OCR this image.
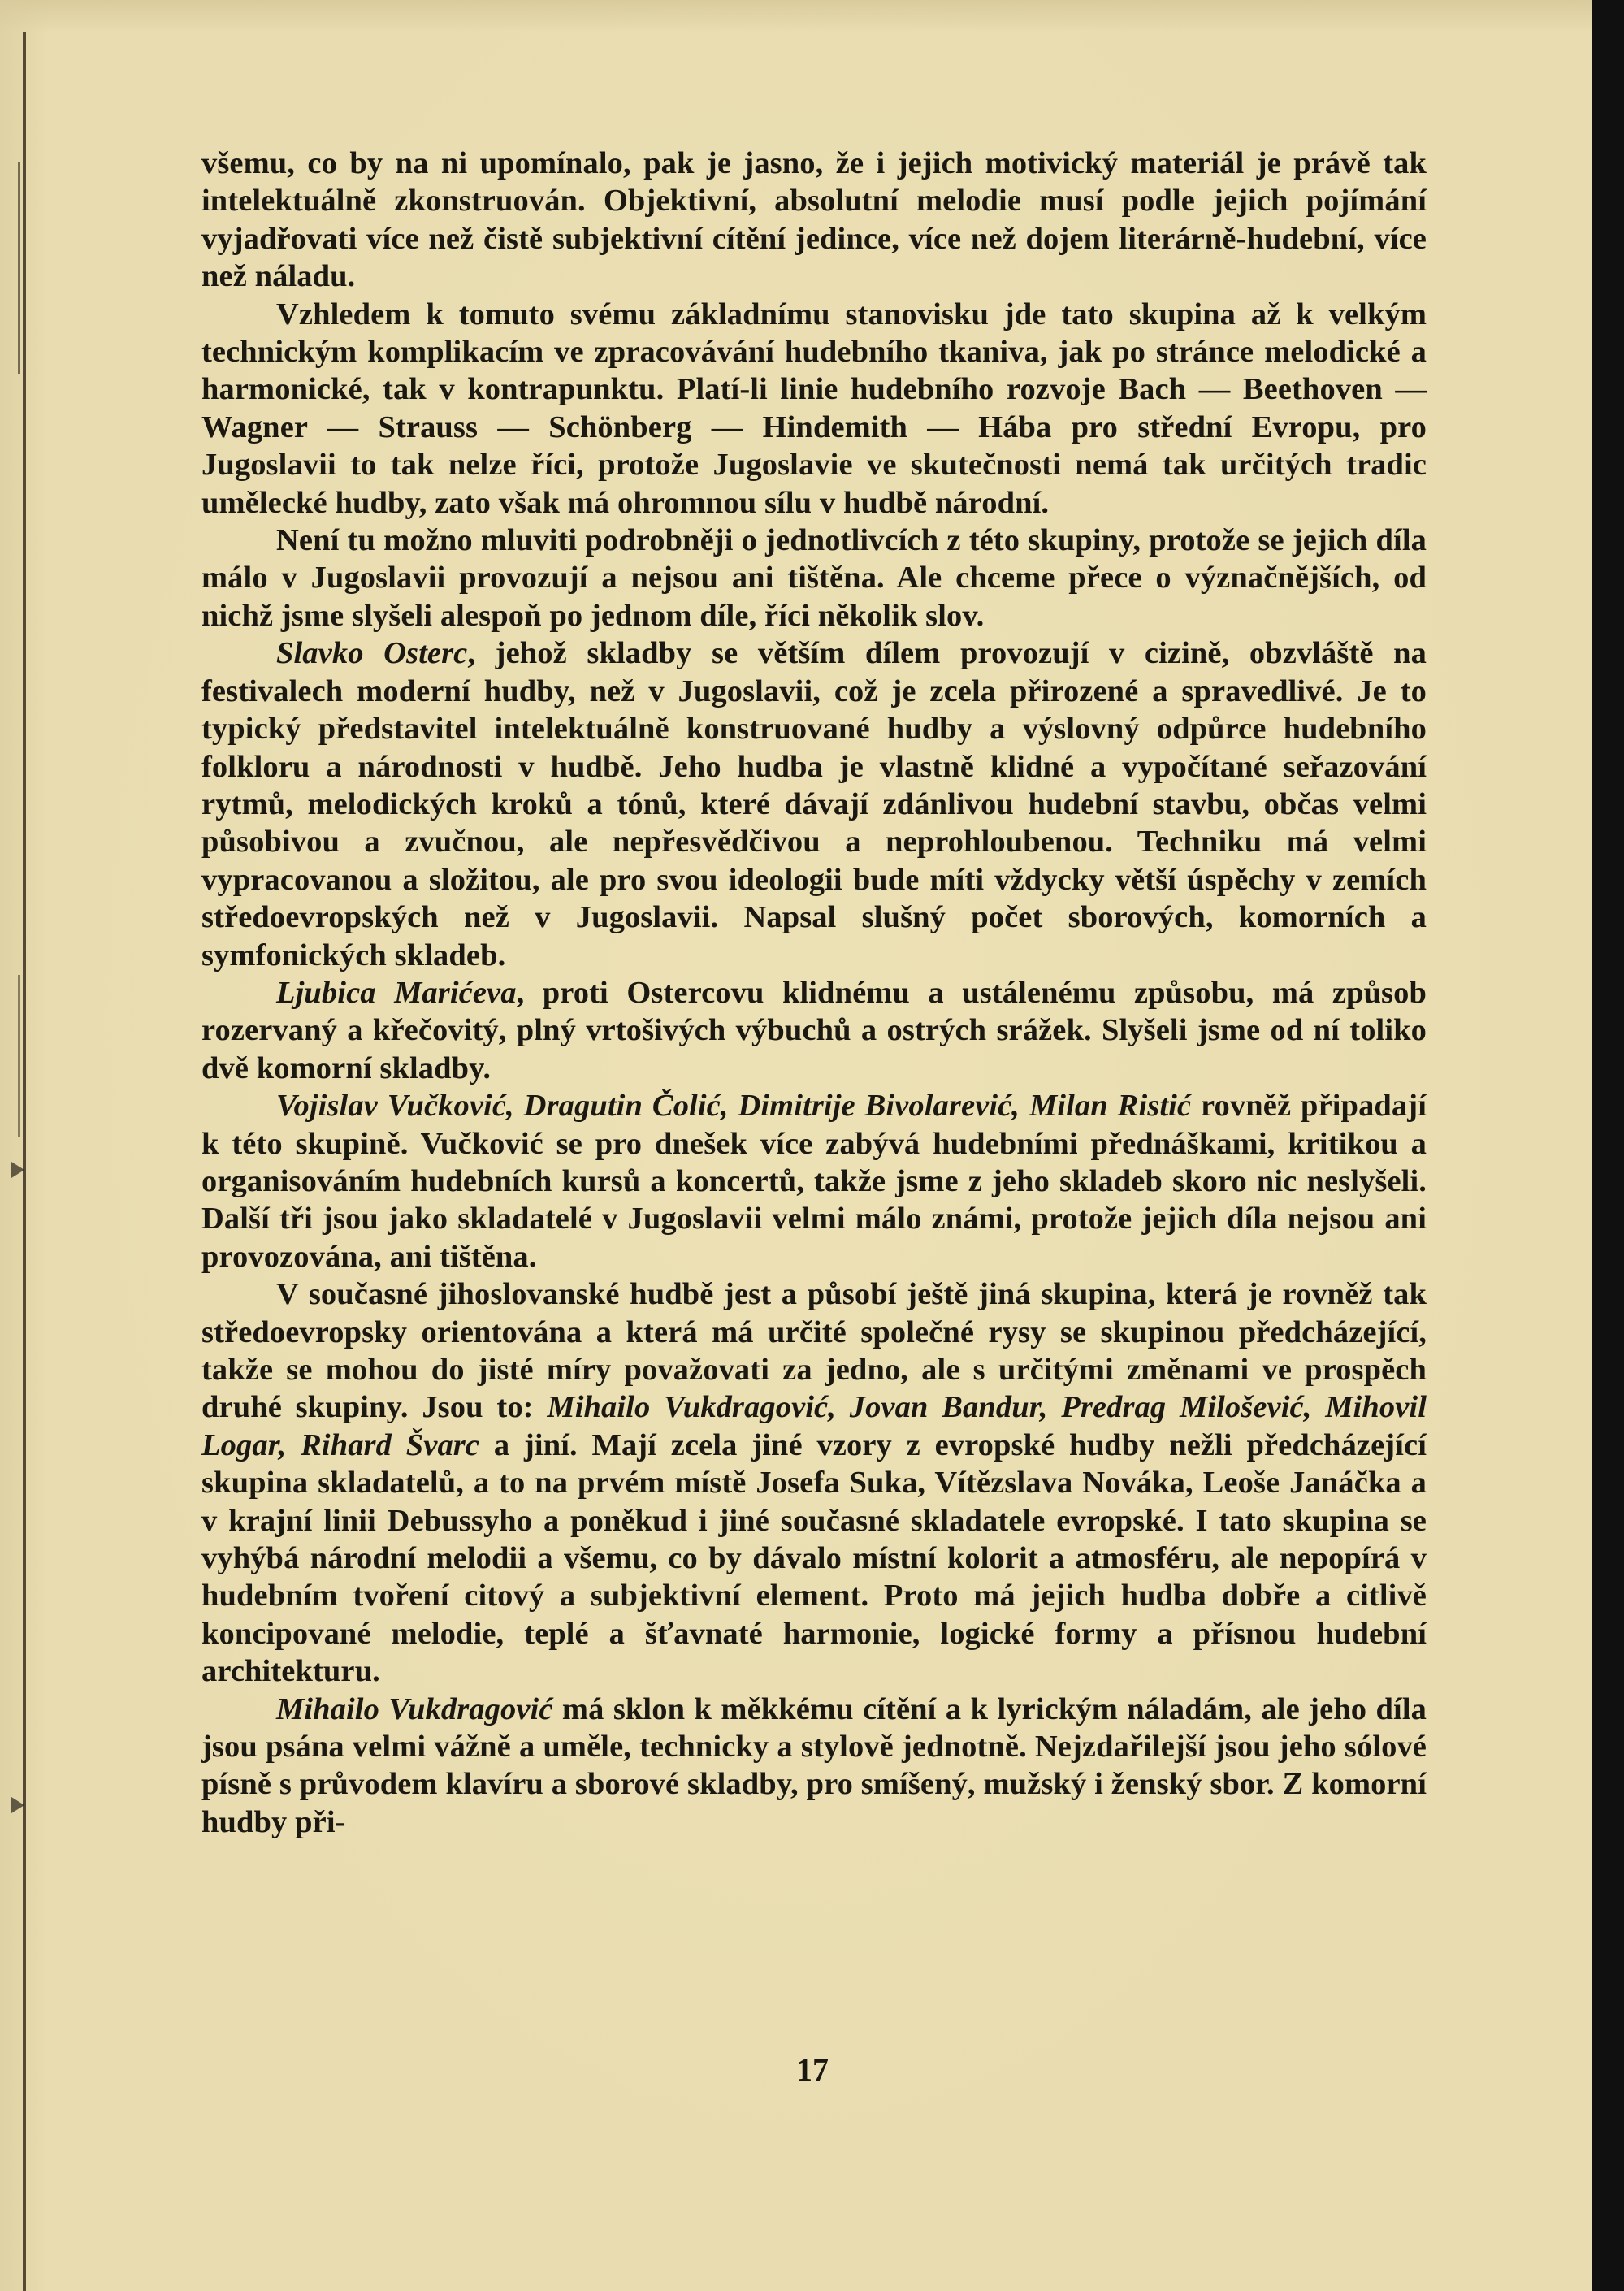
všemu, co by na ni upomínalo, pak je jasno, že i jejich motivický materiál je právě tak intelektuálně zkonstruován. Objektivní, absolutní melodie musí podle jejich pojímání vyjadřovati více než čistě subjektivní cítění jedince, více než dojem literárně-hudební, více než náladu.

Vzhledem k tomuto svému základnímu stanovisku jde tato skupina až k velkým technickým komplikacím ve zpracovávání hudebního tkaniva, jak po stránce melodické a harmonické, tak v kontrapunktu. Platí-li linie hudebního rozvoje Bach — Beethoven — Wagner — Strauss — Schönberg — Hindemith — Hába pro střední Evropu, pro Jugoslavii to tak nelze říci, protože Jugoslavie ve skutečnosti nemá tak určitých tradic umělecké hudby, zato však má ohromnou sílu v hudbě národní.

Není tu možno mluviti podrobněji o jednotlivcích z této skupiny, protože se jejich díla málo v Jugoslavii provozují a nejsou ani tištěna. Ale chceme přece o význačnějších, od nichž jsme slyšeli alespoň po jednom díle, říci několik slov.

Slavko Osterc, jehož skladby se větším dílem provozují v cizině, obzvláště na festivalech moderní hudby, než v Jugoslavii, což je zcela přirozené a spravedlivé. Je to typický představitel intelektuálně konstruované hudby a výslovný odpůrce hudebního folkloru a národnosti v hudbě. Jeho hudba je vlastně klidné a vypočítané seřazování rytmů, melodických kroků a tónů, které dávají zdánlivou hudební stavbu, občas velmi působivou a zvučnou, ale nepřesvědčivou a neprohloubenou. Techniku má velmi vypracovanou a složitou, ale pro svou ideologii bude míti vždycky větší úspěchy v zemích středoevropských než v Jugoslavii. Napsal slušný počet sborových, komorních a symfonických skladeb.

Ljubica Marićeva, proti Ostercovu klidnému a ustálenému způsobu, má způsob rozervaný a křečovitý, plný vrtošivých výbuchů a ostrých srážek. Slyšeli jsme od ní toliko dvě komorní skladby.

Vojislav Vučković, Dragutin Čolić, Dimitrije Bivolarević, Milan Ristić rovněž připadají k této skupině. Vučković se pro dnešek více zabývá hudebními přednáškami, kritikou a organisováním hudebních kursů a koncertů, takže jsme z jeho skladeb skoro nic neslyšeli. Další tři jsou jako skladatelé v Jugoslavii velmi málo známi, protože jejich díla nejsou ani provozována, ani tištěna.

V současné jihoslovanské hudbě jest a působí ještě jiná skupina, která je rovněž tak středoevropsky orientována a která má určité společné rysy se skupinou předcházející, takže se mohou do jisté míry považovati za jedno, ale s určitými změnami ve prospěch druhé skupiny. Jsou to: Mihailo Vukdragović, Jovan Bandur, Predrag Milošević, Mihovil Logar, Rihard Švarc a jiní. Mají zcela jiné vzory z evropské hudby nežli předcházející skupina skladatelů, a to na prvém místě Josefa Suka, Vítězslava Nováka, Leoše Janáčka a v krajní linii Debussyho a poněkud i jiné současné skladatele evropské. I tato skupina se vyhýbá národní melodii a všemu, co by dávalo místní kolorit a atmosféru, ale nepopírá v hudebním tvoření citový a subjektivní element. Proto má jejich hudba dobře a citlivě koncipované melodie, teplé a šťavnaté harmonie, logické formy a přísnou hudební architekturu.

Mihailo Vukdragović má sklon k měkkému cítění a k lyrickým náladám, ale jeho díla jsou psána velmi vážně a uměle, technicky a stylově jednotně. Nejzdařilejší jsou jeho sólové písně s průvodem klavíru a sborové skladby, pro smíšený, mužský i ženský sbor. Z komorní hudby při-

17
